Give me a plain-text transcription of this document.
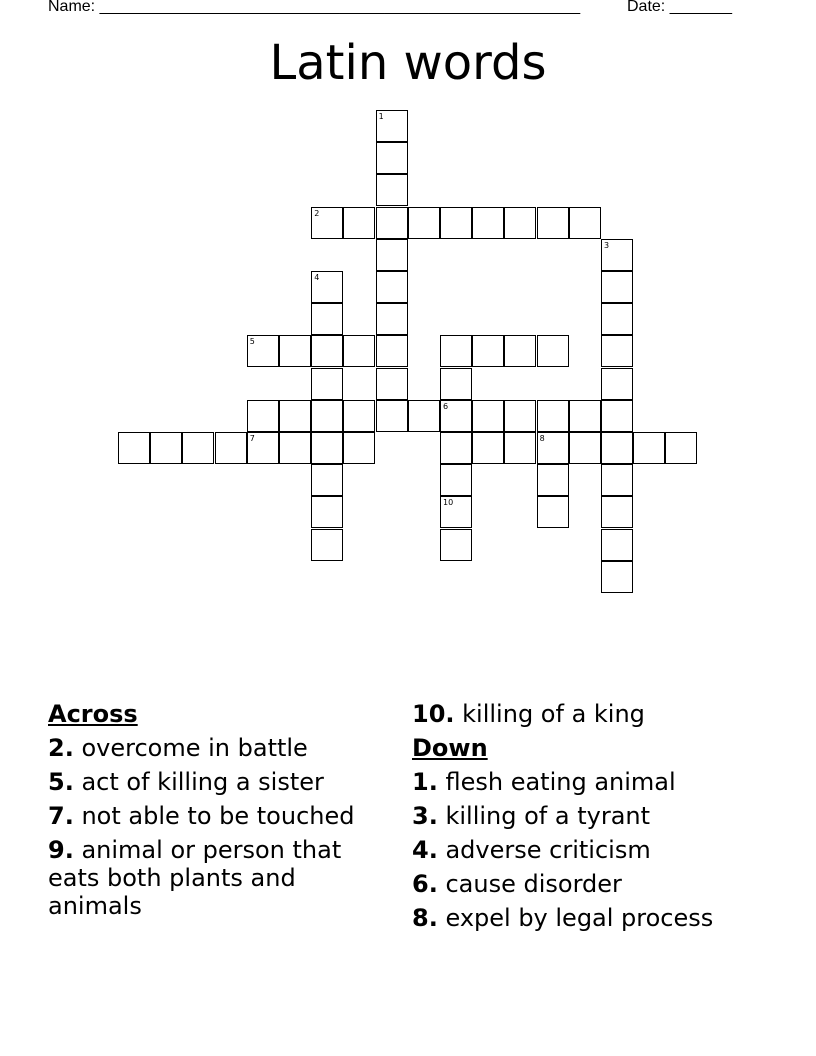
Name: ______________________________________________________	Date: _______
Latin words
1
2
3
4
5
6
7
10
8
Across
2. overcome in battle
5. act of killing a sister
7. not able to be touched
9. animal or person that eats both plants and animals
10. killing of a king
Down
1. flesh eating animal
3. killing of a tyrant
4. adverse criticism
6. cause disorder
8. expel by legal process
